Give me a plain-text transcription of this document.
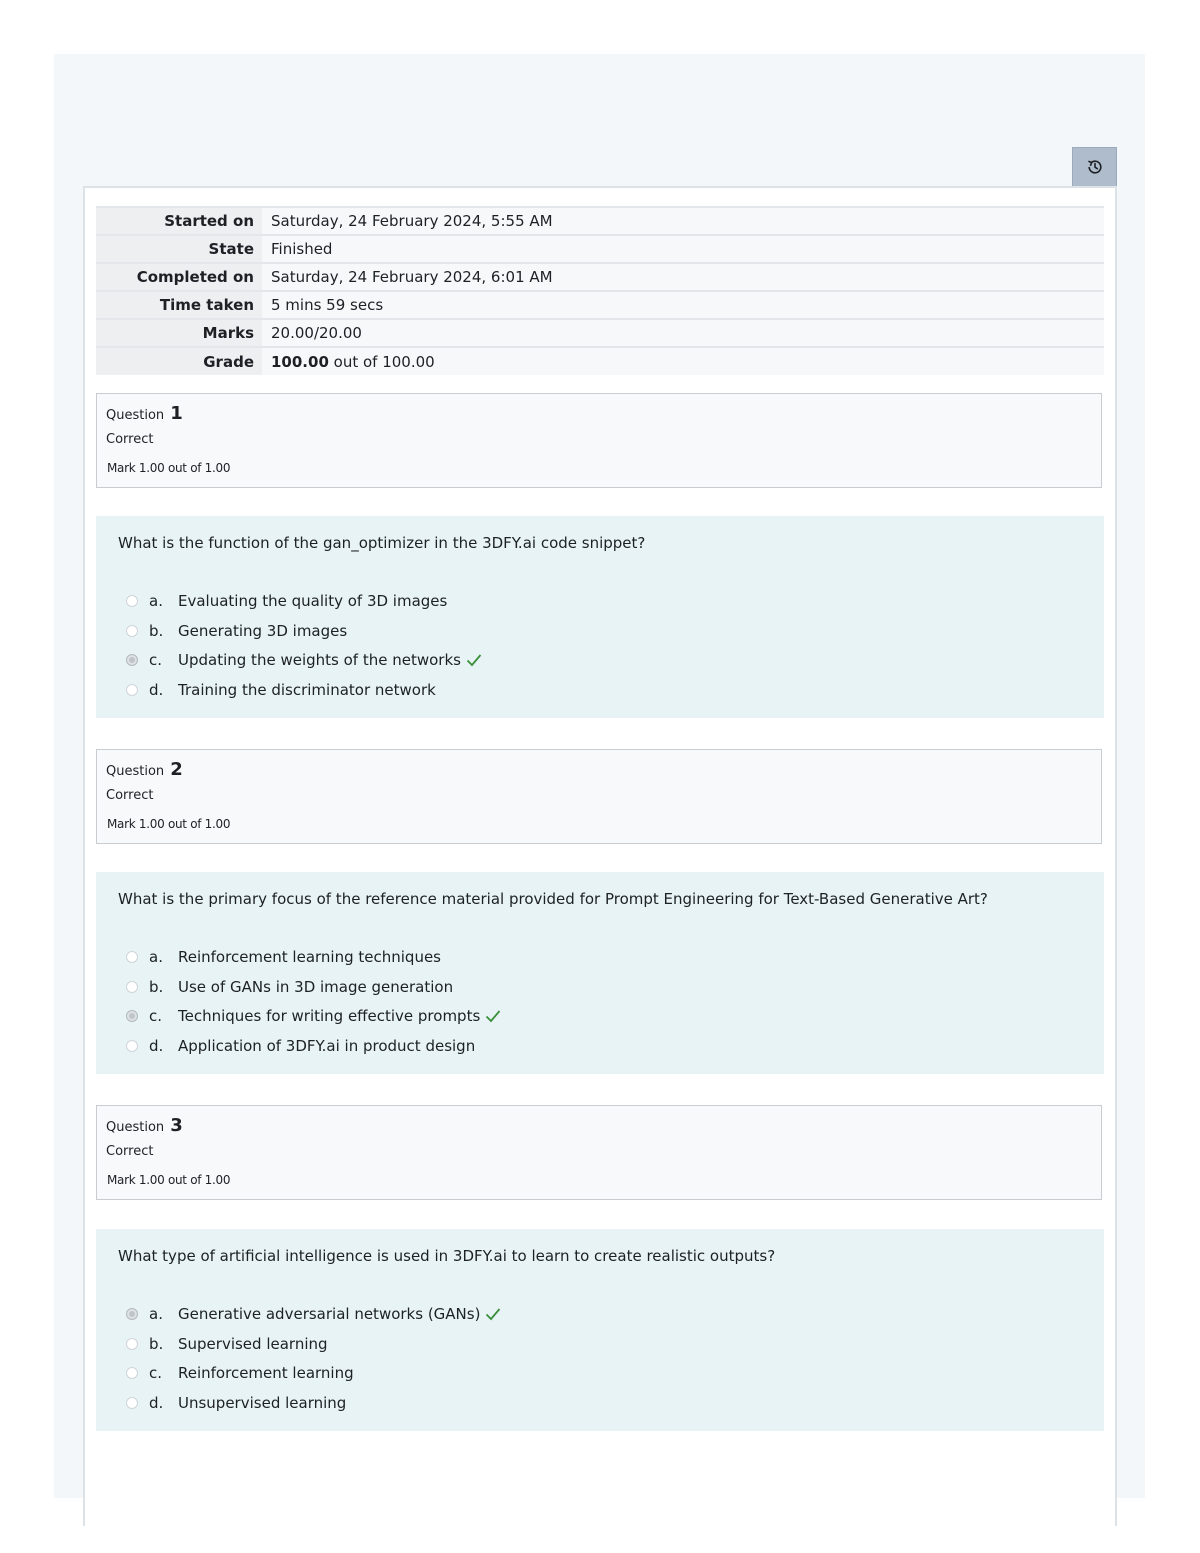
Started on	Saturday, 24 February 2024, 5:55 AM
State	Finished
Completed on	Saturday, 24 February 2024, 6:01 AM
Time taken	5 mins 59 secs
Marks	20.00/20.00
Grade	100.00 out of 100.00
Question 1
Correct
Mark 1.00 out of 1.00
What is the function of the gan_optimizer in the 3DFY.ai code snippet?
a.	Evaluating the quality of 3D images
b. Generating 3D images
c.	Updating the weights of the networks
d. Training the discriminator network
Question 2
Correct
Mark 1.00 out of 1.00
What is the primary focus of the reference material provided for Prompt Engineering for Text-Based Generative Art?
a.	Reinforcement learning techniques
b. Use of GANs in 3D image generation
c.	Techniques for writing effective prompts
d. Application of 3DFY.ai in product design
Question 3
Correct
Mark 1.00 out of 1.00
What type of artificial intelligence is used in 3DFY.ai to learn to create realistic outputs?
a.	Generative adversarial networks (GANs)
b. Supervised learning
c.	Reinforcement learning
d. Unsupervised learning
